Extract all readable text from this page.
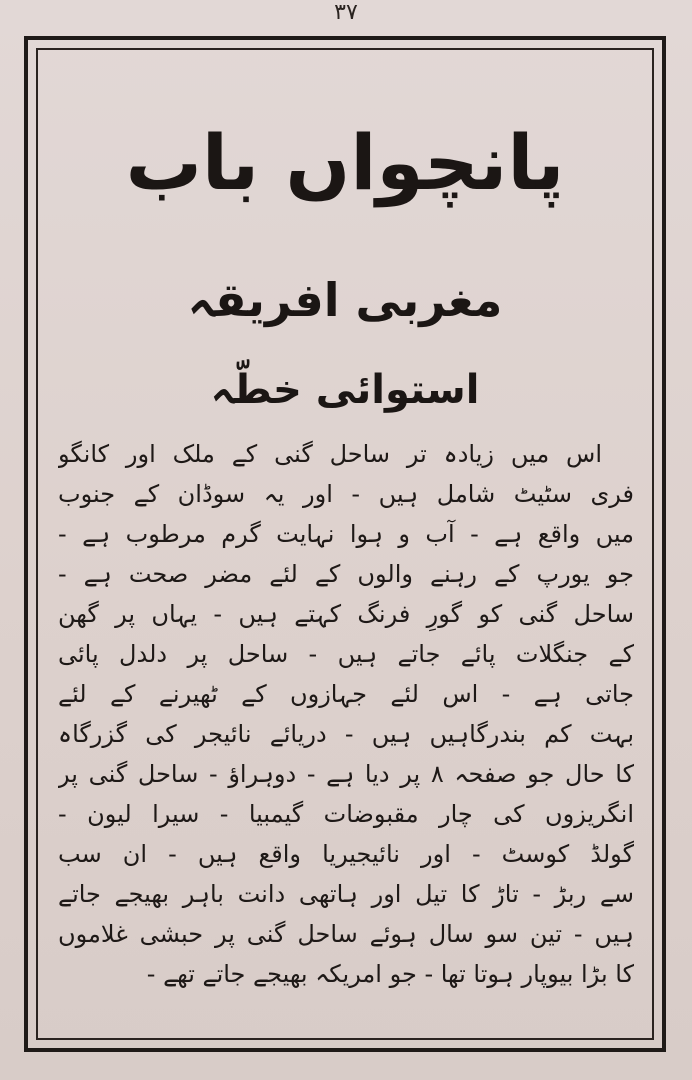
۳۷
پانچواں باب
مغربی افریقہ
استوائی خطّہ
اس میں زیادہ تر ساحل گنی کے ملک اور کانگو
فری سٹیٹ شامل ہیں - اور یہ سوڈان کے جنوب
میں واقع ہے - آب و ہوا نہایت گرم مرطوب ہے -
جو یورپ کے رہنے والوں کے لئے مضر صحت ہے -
ساحل گنی کو گورِ فرنگ کہتے ہیں - یہاں پر گھن
کے جنگلات پائے جاتے ہیں - ساحل پر دلدل پائی
جاتی ہے - اس لئے جہازوں کے ٹھیرنے کے لئے
بہت کم بندرگاہیں ہیں - دریائے نائیجر کی گزرگاہ
کا حال جو صفحہ ۸ پر دیا ہے - دوہراؤ - ساحل گنی پر
انگریزوں کی چار مقبوضات گیمبیا - سیرا لیون -
گولڈ کوسٹ - اور نائیجیریا واقع ہیں - ان سب
سے ربڑ - تاڑ کا تیل اور ہاتھی دانت باہر بھیجے جاتے
ہیں - تین سو سال ہوئے ساحل گنی پر حبشی غلاموں
کا بڑا بیوپار ہوتا تھا - جو امریکہ بھیجے جاتے تھے -
